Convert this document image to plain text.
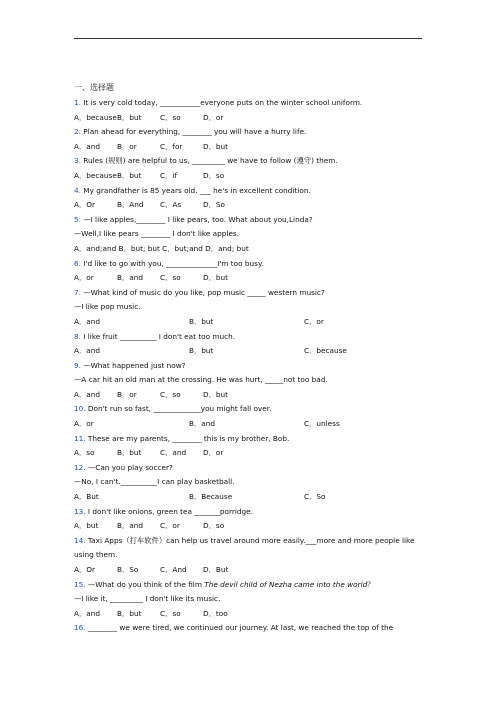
一、选择题
1. It is very cold today, ___________everyone puts on the winter school uniform.
A．because B．but	C．so	D．or
2. Plan ahead for everything, ________ you will have a hurry life.
A．and	B．or	C．for	D．but
3. Rules (规则) are helpful to us, _________ we have to follow (遵守) them.
A．because B．but	C．if	D．so
4. My grandfather is 85 years old. ___ he's in excellent condition.
A．Or	B．And	C．As	D．So
5. —I like apples,________ I like pears, too. What about you,Linda?
—Well,I like pears ________ I don't like apples.
A．and;and B．but; but C．but;and D．and; but
6. I'd like to go with you, ______________I'm too busy.
A．or	B．and	C．so	D．but
7. —What kind of music do you like, pop music _____ western music?
—I like pop music.
A．and	B．but	C．or
8. I like fruit __________ I don't eat too much.
A．and	B．but	C．because
9. —What happened just now?
—A car hit an old man at the crossing. He was hurt, _____not too bad.
A．and	B．or	C．so	D．but
10. Don't run so fast, _____________you might fall over.
A．or	B．and	C．unless
11. These are my parents, ________ this is my brother, Bob.
A．so	B．but	C．and	D．or
12. —Can you play soccer?
—No, I can't.__________I can play basketball.
A．But	B．Because	C．So
13. I don't like onions, green tea _______porridge.
A．but	B．and	C．or	D．so
14. Taxi Apps（打车软件）can help us travel around more easily.___more and more people like using them.
A．Or	B．So	C．And	D．But
15. —What do you think of the film The devil child of Nezha came into the world？
—I like it, _________ I don't like its music.
A．and	B．but	C．so	D．too
16. ________ we were tired, we continued our journey. At last, we reached the top of the
